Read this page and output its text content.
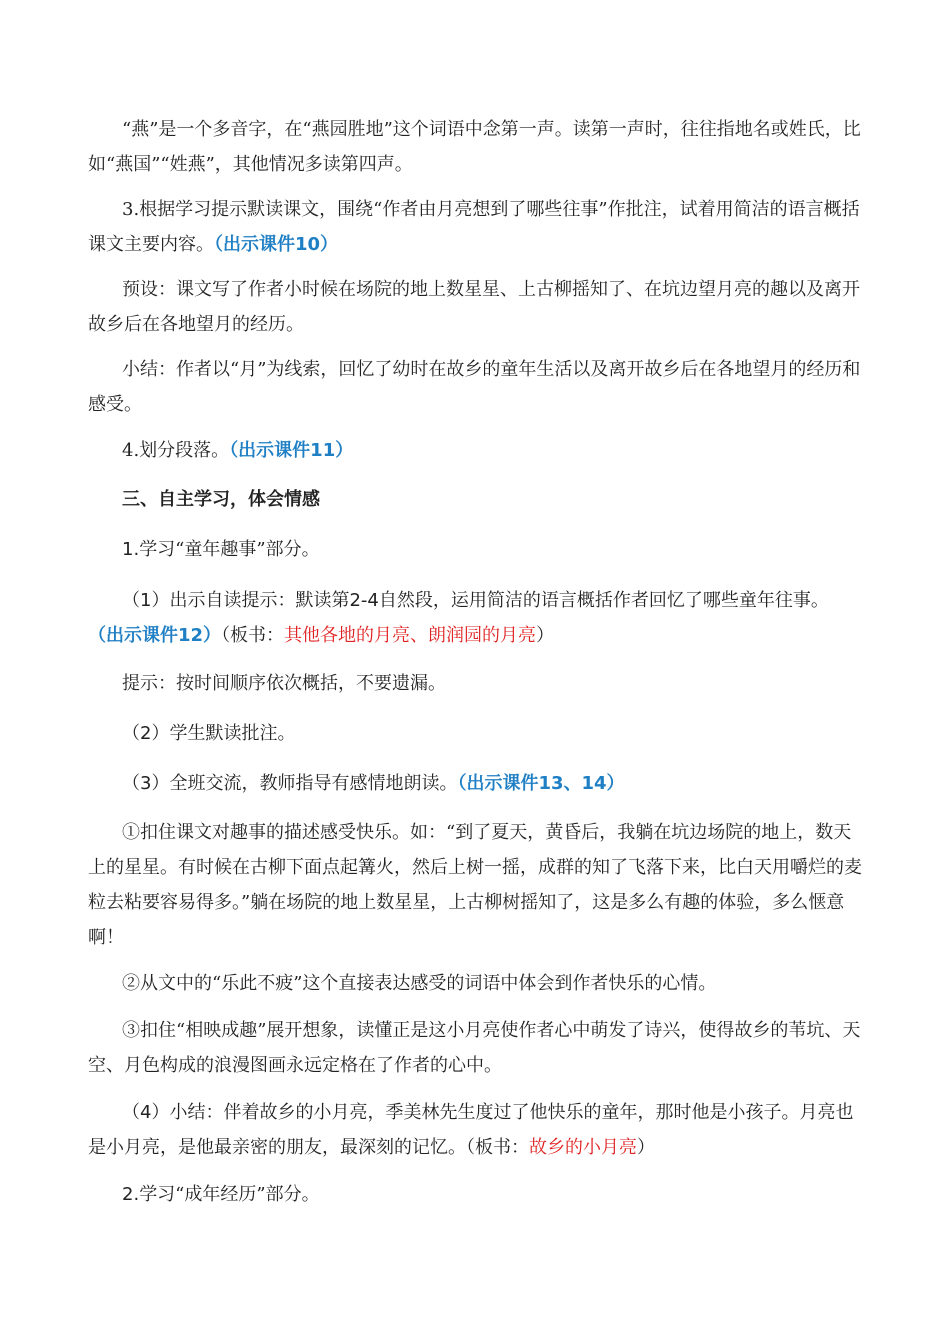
“燕”是一个多音字，在“燕园胜地”这个词语中念第一声。读第一声时，往往指地名或姓氏，比如“燕国”“姓燕”，其他情况多读第四声。

3.根据学习提示默读课文，围绕“作者由月亮想到了哪些往事”作批注，试着用简洁的语言概括课文主要内容。（出示课件10）

预设：课文写了作者小时候在场院的地上数星星、上古柳摇知了、在坑边望月亮的趣以及离开故乡后在各地望月的经历。

小结：作者以“月”为线索，回忆了幼时在故乡的童年生活以及离开故乡后在各地望月的经历和感受。

4.划分段落。（出示课件11）

三、自主学习，体会情感

1.学习“童年趣事”部分。

（1）出示自读提示：默读第2-4自然段，运用简洁的语言概括作者回忆了哪些童年往事。
（出示课件12）（板书：其他各地的月亮、朗润园的月亮）

提示：按时间顺序依次概括，不要遗漏。

（2）学生默读批注。

（3）全班交流，教师指导有感情地朗读。（出示课件13、14）

①扣住课文对趣事的描述感受快乐。如：“到了夏天，黄昏后，我躺在坑边场院的地上，数天上的星星。有时候在古柳下面点起篝火，然后上树一摇，成群的知了飞落下来，比白天用嚼烂的麦粒去粘要容易得多。”躺在场院的地上数星星，上古柳树摇知了，这是多么有趣的体验，多么惬意啊！

②从文中的“乐此不疲”这个直接表达感受的词语中体会到作者快乐的心情。

③扣住“相映成趣”展开想象，读懂正是这小月亮使作者心中萌发了诗兴，使得故乡的苇坑、天空、月色构成的浪漫图画永远定格在了作者的心中。

（4）小结：伴着故乡的小月亮，季美林先生度过了他快乐的童年，那时他是小孩子。月亮也是小月亮，是他最亲密的朋友，最深刻的记忆。（板书：故乡的小月亮）

2.学习“成年经历”部分。
